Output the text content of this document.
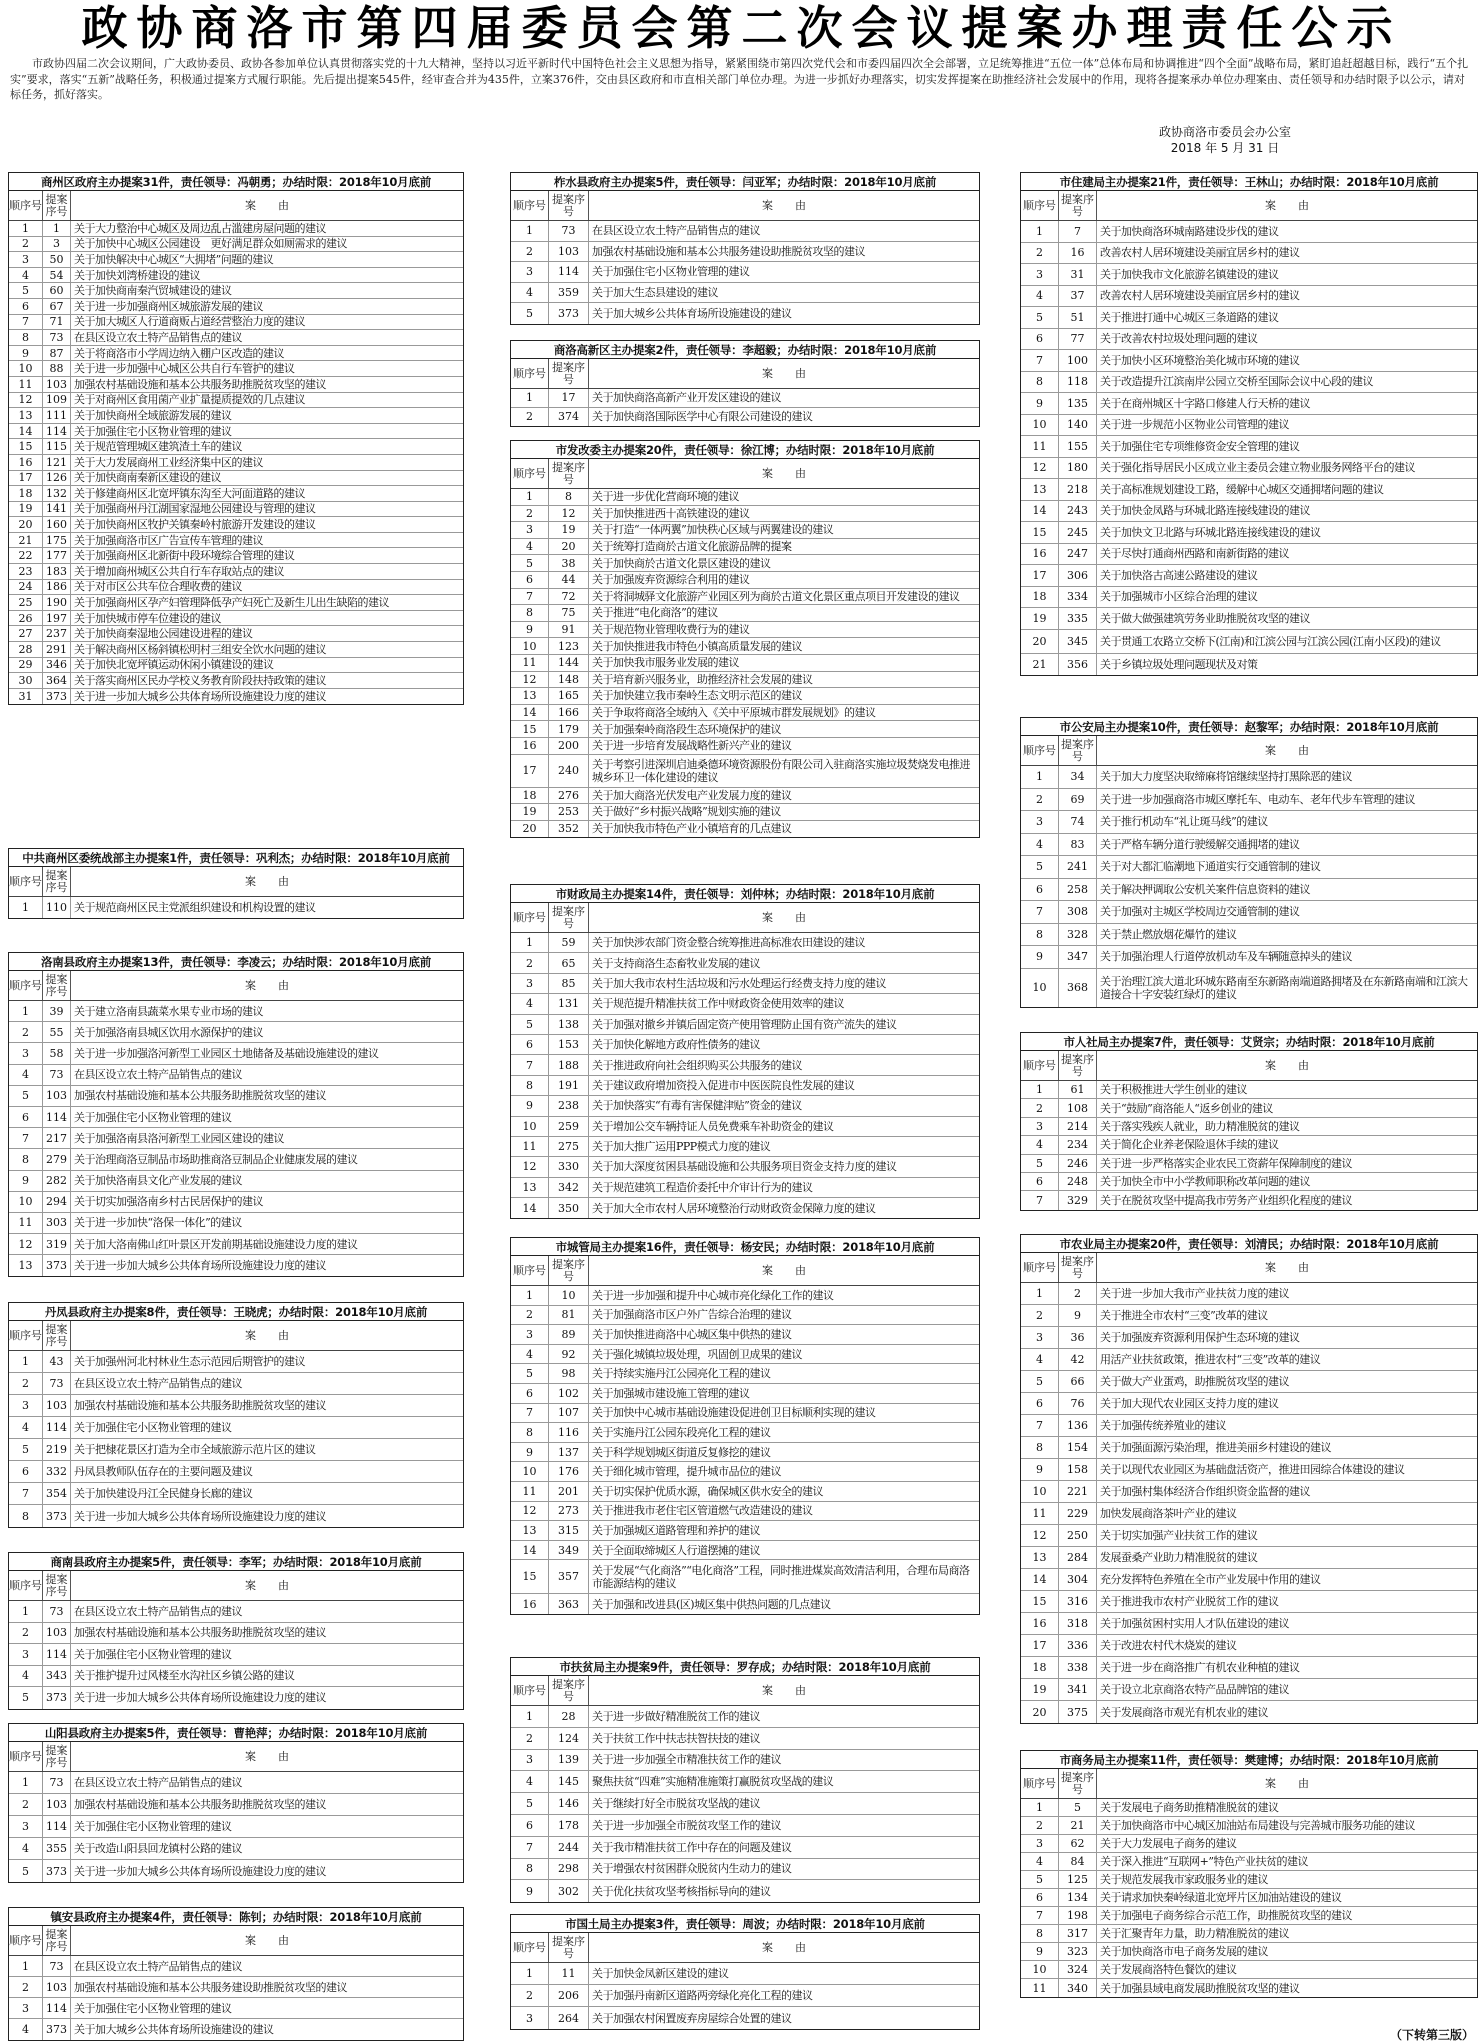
政协商洛市第四届委员会第二次会议提案办理责任公示
市政协四届二次会议期间，广大政协委员、政协各参加单位认真贯彻落实党的十九大精神，坚持以习近平新时代中国特色社会主义思想为指导，紧紧围绕市第四次党代会和市委四届四次全会部署，立足统筹推进“五位一体”总体布局和协调推进“四个全面”战略布局，紧盯追赶超越目标，践行“五个扎实”要求，落实“五新”战略任务，积极通过提案方式履行职能。先后提出提案545件，经审查合并为435件，立案376件，交由县区政府和市直相关部门单位办理。为进一步抓好办理落实，切实发挥提案在助推经济社会发展中的作用，现将各提案承办单位办理案由、责任领导和办结时限予以公示，请对标任务，抓好落实。
政协商洛市委员会办公室
2018 年 5 月 31 日
商州区政府主办提案31件，责任领导：冯朝勇；办结时限：2018年10月底前
顺序号 提案序号	案　　由
1	1	关于大力整治中心城区及周边乱占滥建房屋问题的建议
2	3	关于加快中心城区公园建设　更好满足群众如厕需求的建议
3	50 关于加快解决中心城区“大拥堵”问题的建议
4	54 关于加快刘湾桥建设的建议
5	60 关于加快商南秦汽贸城建设的建议
6	67 关于进一步加强商州区城旅游发展的建议
7	71 关于加大城区人行道商贩占道经营整治力度的建议
8	73 在县区设立农土特产品销售点的建议
9	87 关于将商洛市小学周边纳入棚户区改造的建议
10	88 关于进一步加强中心城区公共自行车管护的建议
11	103 加强农村基础设施和基本公共服务助推脱贫攻坚的建议
12	109 关于对商州区食用菌产业扩量提质提效的几点建议
13	111 关于加快商州全域旅游发展的建议
14	114 关于加强住宅小区物业管理的建议
15	115 关于规范管理城区建筑渣土车的建议
16	121 关于大力发展商州工业经济集中区的建议
17	126 关于加快商南秦新区建设的建议
18	132 关于修建商州区北宽坪镇东沟至大河面道路的建议
19	141 关于加强商州丹江湖国家湿地公园建设与管理的建议
20	160 关于加快商州区牧护关镇秦岭村旅游开发建设的建议
21	175 关于加强商洛市区广告宣传车管理的建议
22	177 关于加强商州区北新街中段环境综合管理的建议
23	183 关于增加商州城区公共自行车存取站点的建议
24	186 关于对市区公共车位合理收费的建议
25	190 关于加强商州区孕产妇管理降低孕产妇死亡及新生儿出生缺陷的建议
26	197 关于加快城市停车位建设的建议
27	237 关于加快商秦湿地公园建设进程的建议
28	291 关于解决商州区杨斜镇松明村三组安全饮水问题的建议
29	346 关于加快北宽坪镇运动休闲小镇建设的建议
30	364 关于落实商州区民办学校义务教育阶段扶持政策的建议
31	373 关于进一步加大城乡公共体育场所设施建设力度的建议
中共商州区委统战部主办提案1件，责任领导：巩利杰；办结时限：2018年10月底前
顺序号 提案序号	案　　由
1	110 关于规范商州区民主党派组织建设和机构设置的建议
洛南县政府主办提案13件，责任领导：李凌云；办结时限：2018年10月底前
顺序号 提案序号	案　　由
1	39 关于建立洛南县蔬菜水果专业市场的建议
2	55 关于加强洛南县城区饮用水源保护的建议
3	58 关于进一步加强洛河新型工业园区土地储备及基础设施建设的建议
4	73 在县区设立农土特产品销售点的建议
5	103 加强农村基础设施和基本公共服务助推脱贫攻坚的建议
6	114 关于加强住宅小区物业管理的建议
7	217 关于加强洛南县洛河新型工业园区建设的建议
8	279 关于治理商洛豆制品市场助推商洛豆制品企业健康发展的建议
9	282 关于加快洛南县文化产业发展的建议
10	294 关于切实加强洛南乡村古民居保护的建议
11	303 关于进一步加快“洛保一体化”的建议
12	319 关于加大洛南佛山红叶景区开发前期基础设施建设力度的建议
13	373 关于进一步加大城乡公共体育场所设施建设力度的建议
丹凤县政府主办提案8件，责任领导：王晓虎；办结时限：2018年10月底前
顺序号 提案序号	案　　由
1	43 关于加强州河北村林业生态示范园后期管护的建议
2	73 在县区设立农土特产品销售点的建议
3	103 加强农村基础设施和基本公共服务助推脱贫攻坚的建议
4	114 关于加强住宅小区物业管理的建议
5	219 关于把棣花景区打造为全市全域旅游示范片区的建议
6	332 丹凤县教师队伍存在的主要问题及建议
7	354 关于加快建设丹江全民健身长廊的建议
8	373 关于进一步加大城乡公共体育场所设施建设力度的建议
商南县政府主办提案5件，责任领导：李军；办结时限：2018年10月底前
顺序号 提案序号	案　　由
1	73 在县区设立农土特产品销售点的建议
2	103 加强农村基础设施和基本公共服务助推脱贫攻坚的建议
3	114 关于加强住宅小区物业管理的建议
4	343 关于推护提升过风楼至水沟社区乡镇公路的建议
5	373 关于进一步加大城乡公共体育场所设施建设力度的建议
山阳县政府主办提案5件，责任领导：曹艳萍；办结时限：2018年10月底前
顺序号 提案序号	案　　由
1	73 在县区设立农土特产品销售点的建议
2	103 加强农村基础设施和基本公共服务助推脱贫攻坚的建议
3	114 关于加强住宅小区物业管理的建议
4	355 关于改造山阳县回龙镇村公路的建议
5	373 关于进一步加大城乡公共体育场所设施建设力度的建议
镇安县政府主办提案4件，责任领导：陈钊；办结时限：2018年10月底前
顺序号 提案序号	案　　由
1	73 在县区设立农土特产品销售点的建议
2	103 加强农村基础设施和基本公共服务建设助推脱贫攻坚的建议
3	114 关于加强住宅小区物业管理的建议
4	373 关于加大城乡公共体育场所设施建设的建议
柞水县政府主办提案5件，责任领导：闫亚军；办结时限：2018年10月底前
顺序号 提案序号	案　　由
1	73	在县区设立农土特产品销售点的建议
2	103	加强农村基础设施和基本公共服务建设助推脱贫攻坚的建议
3	114	关于加强住宅小区物业管理的建议
4	359	关于加大生态县建设的建议
5	373	关于加大城乡公共体育场所设施建设的建议
商洛高新区主办提案2件，责任领导：李超毅；办结时限：2018年10月底前
顺序号 提案序号	案　　由
1	17	关于加快商洛高新产业开发区建设的建议
2	374	关于加快商洛国际医学中心有限公司建设的建议
市发改委主办提案20件，责任领导：徐江博；办结时限：2018年10月底前
顺序号 提案序号	案　　由
1	8	关于进一步优化营商环境的建议
2	12	关于加快推进西十高铁建设的建议
3	19	关于打造“一体两翼”加快秩心区域与两翼建设的建议
4	20	关于统筹打造商於古道文化旅游品牌的提案
5	38	关于加快商於古道文化景区建设的建议
6	44	关于加强废弃资源综合利用的建议
7	72	关于将洞城驿文化旅游产业园区列为商於古道文化景区重点项目开发建设的建议
8	75	关于推进“电化商洛”的建议
9	91	关于规范物业管理收费行为的建议
10	123	关于加快推进我市特色小镇高质量发展的建议
11	144	关于加快我市服务业发展的建议
12	148	关于培育新兴服务业，助推经济社会发展的建议
13	165	关于加快建立我市秦岭生态文明示范区的建议
14	166	关于争取将商洛全域纳入《关中平原城市群发展规划》的建议
15	179	关于加强秦岭商洛段生态环境保护的建议
16	200	关于进一步培育发展战略性新兴产业的建议
17	240	关于考察引进深圳启迪桑德环境资源股份有限公司入驻商洛实施垃圾焚烧发电推进城乡环卫一体化建设的建议
18	276	关于加大商洛光伏发电产业发展力度的建议
19	253	关于做好“乡村振兴战略”规划实施的建议
20	352	关于加快我市特色产业小镇培育的几点建议
市财政局主办提案14件，责任领导：刘仲林；办结时限：2018年10月底前
顺序号 提案序号	案　　由
1	59	关于加快涉农部门资金整合统筹推进高标准农田建设的建议
2	65	关于支持商洛生态畜牧业发展的建议
3	85	关于加大我市农村生活垃圾和污水处理运行经费支持力度的建议
4	131	关于规范提升精准扶贫工作中财政资金使用效率的建议
5	138	关于加强对撤乡并镇后固定资产使用管理防止国有资产流失的建议
6	153	关于加快化解地方政府性债务的建议
7	188	关于推进政府向社会组织购买公共服务的建议
8	191	关于建议政府增加资投入促进市中医医院良性发展的建议
9	238	关于加快落实“有毒有害保健津贴”资金的建议
10	259	关于增加公交车辆持证人员免费乘车补助资金的建议
11	275	关于加大推广运用PPP模式力度的建议
12	330	关于加大深度贫困县基础设施和公共服务项目资金支持力度的建议
13	342	关于规范建筑工程造价委托中介审计行为的建议
14	350	关于加大全市农村人居环境整治行动财政资金保障力度的建议
市城管局主办提案16件，责任领导：杨安民；办结时限：2018年10月底前
顺序号 提案序号	案　　由
1	10	关于进一步加强和提升中心城市亮化绿化工作的建议
2	81	关于加强商洛市区户外广告综合治理的建议
3	89	关于加快推进商洛中心城区集中供热的建议
4	92	关于强化城镇垃圾处理，巩固创卫成果的建议
5	98	关于持续实施丹江公园亮化工程的建议
6	102	关于加强城市建设施工管理的建议
7	107	关于加快中心城市基础设施建设促进创卫目标顺利实现的建议
8	116	关于实施丹江公园东段亮化工程的建议
9	137	关于科学规划城区街道反复修挖的建议
10	176	关于细化城市管理，提升城市品位的建议
11	201	关于切实保护优质水源，确保城区供水安全的建议
12	273	关于推进我市老住宅区管道燃气改造建设的建议
13	315	关于加强城区道路管理和养护的建议
14	349	关于全面取缔城区人行道摆摊的建议
15	357	关于发展“气化商洛”“电化商洛”工程，同时推进煤炭高效清洁利用，合理布局商洛市能源结构的建议
16	363	关于加强和改进县(区)城区集中供热问题的几点建议
市扶贫局主办提案9件，责任领导：罗存成；办结时限：2018年10月底前
顺序号 提案序号	案　　由
1	28	关于进一步做好精准脱贫工作的建议
2	124	关于扶贫工作中扶志扶智扶技的建议
3	139	关于进一步加强全市精准扶贫工作的建议
4	145	聚焦扶贫“四难”实施精准施策打赢脱贫攻坚战的建议
5	146	关于继续打好全市脱贫攻坚战的建议
6	178	关于进一步加强全市脱贫攻坚工作的建议
7	244	关于我市精准扶贫工作中存在的问题及建议
8	298	关于增强农村贫困群众脱贫内生动力的建议
9	302	关于优化扶贫攻坚考核指标导向的建议
市国土局主办提案3件，责任领导：周波；办结时限：2018年10月底前
顺序号 提案序号	案　　由
1	11	关于加快金凤新区建设的建议
2	206	关于加强丹南新区道路两旁绿化亮化工程的建议
3	264	关于加强农村闲置废弃房屋综合处置的建议
市住建局主办提案21件，责任领导：王林山；办结时限：2018年10月底前
顺序号 提案序号	案　　由
1	7	关于加快商洛环城南路建设步伐的建议
2	16	改善农村人居环境建设美丽宜居乡村的建议
3	31	关于加快我市文化旅游名镇建设的建议
4	37	改善农村人居环境建设美丽宜居乡村的建议
5	51	关于推进打通中心城区三条道路的建议
6	77	关于改善农村垃圾处理问题的建议
7	100	关于加快小区环境整治美化城市环境的建议
8	118	关于改造提升江滨南岸公园立交桥至国际会议中心段的建议
9	135	关于在商州城区十字路口修建人行天桥的建议
10	140	关于进一步规范小区物业公司管理的建议
11	155	关于加强住宅专项维修资金安全管理的建议
12	180	关于强化指导居民小区成立业主委员会建立物业服务网络平台的建议
13	218	关于高标准规划建设工路，缓解中心城区交通拥堵问题的建议
14	243	关于加快金凤路与环城北路连接线建设的建议
15	245	关于加快文卫北路与环城北路连接线建设的建议
16	247	关于尽快打通商州西路和南新街路的建议
17	306	关于加快洛古高速公路建设的建议
18	334	关于加强城市小区综合治理的建议
19	335	关于做大做强建筑劳务业助推脱贫攻坚的建议
20	345	关于贯通工农路立交桥下(江南)和江滨公园与江滨公园(江南小区段)的建议
21	356	关于乡镇垃圾处理问题现状及对策
市公安局主办提案10件，责任领导：赵黎军；办结时限：2018年10月底前
顺序号 提案序号	案　　由
1	34	关于加大力度坚决取缔麻将馆继续坚持打黑除恶的建议
2	69	关于进一步加强商洛市城区摩托车、电动车、老年代步车管理的建议
3	74	关于推行机动车“礼让斑马线”的建议
4	83	关于严格车辆分道行驶缓解交通拥堵的建议
5	241	关于对大都汇临潮地下通道实行交通管制的建议
6	258	关于解决押调取公安机关案件信息资料的建议
7	308	关于加强对主城区学校周边交通管制的建议
8	328	关于禁止燃放烟花爆竹的建议
9	347	关于加强治理人行道停放机动车及车辆随意掉头的建议
10	368	关于治理江滨大道北环城东路南至东新路南端道路拥堵及在东新路南端和江滨大道接合十字安装红绿灯的建议
市人社局主办提案7件，责任领导：艾贤宗；办结时限：2018年10月底前
顺序号 提案序号	案　　由
1	61	关于积极推进大学生创业的建议
2	108	关于“鼓励”商洛能人“返乡创业的建议
3	214	关于落实残疾人就业，助力精准脱贫的建议
4	234	关于简化企业养老保险退休手续的建议
5	246	关于进一步严格落实企业农民工资薪年保障制度的建议
6	248	关于加快全市中小学教师职称改革问题的建议
7	329	关于在脱贫攻坚中提高我市劳务产业组织化程度的建议
市农业局主办提案20件，责任领导：刘清民；办结时限：2018年10月底前
顺序号 提案序号	案　　由
1	2	关于进一步加大我市产业扶贫力度的建议
2	9	关于推进全市农村“三变”改革的建议
3	36	关于加强废弃资源利用保护生态环境的建议
4	42	用活产业扶贫政策，推进农村“三变”改革的建议
5	66	关于做大产业蛋鸡，助推脱贫攻坚的建议
6	76	关于加大现代农业园区支持力度的建议
7	136	关于加强传统养殖业的建议
8	154	关于加强面源污染治理，推进美丽乡村建设的建议
9	158	关于以现代农业园区为基础盘活资产，推进田园综合体建设的建议
10	221	关于加强村集体经济合作组织资金监督的建议
11	229	加快发展商洛茶叶产业的建议
12	250	关于切实加强产业扶贫工作的建议
13	284	发展蚕桑产业助力精准脱贫的建议
14	304	充分发挥特色养殖在全市产业发展中作用的建议
15	316	关于推进我市农村产业脱贫工作的建议
16	318	关于加强贫困村实用人才队伍建设的建议
17	336	关于改进农村代木烧炭的建议
18	338	关于进一步在商洛推广有机农业种植的建议
19	341	关于设立北京商洛农特产品品牌馆的建议
20	375	关于发展商洛市观光有机农业的建议
市商务局主办提案11件，责任领导：樊建博；办结时限：2018年10月底前
顺序号 提案序号	案　　由
1	5	关于发展电子商务助推精准脱贫的建议
2	21	关于加快商洛市中心城区加油站布局建设与完善城市服务功能的建议
3	62	关于大力发展电子商务的建议
4	84	关于深入推进“互联网+”特色产业扶贫的建议
5	125	关于规范发展我市家政服务业的建议
6	134	关于请求加快秦岭绿道北宽坪片区加油站建设的建议
7	198	关于加强电子商务综合示范工作，助推脱贫攻坚的建议
8	317	关于汇聚青年力量，助力精准脱贫的建议
9	323	关于加快商洛市电子商务发展的建议
10	324	关于发展商洛特色餐饮的建议
11	340	关于加强县域电商发展助推脱贫攻坚的建议
（下转第三版）
